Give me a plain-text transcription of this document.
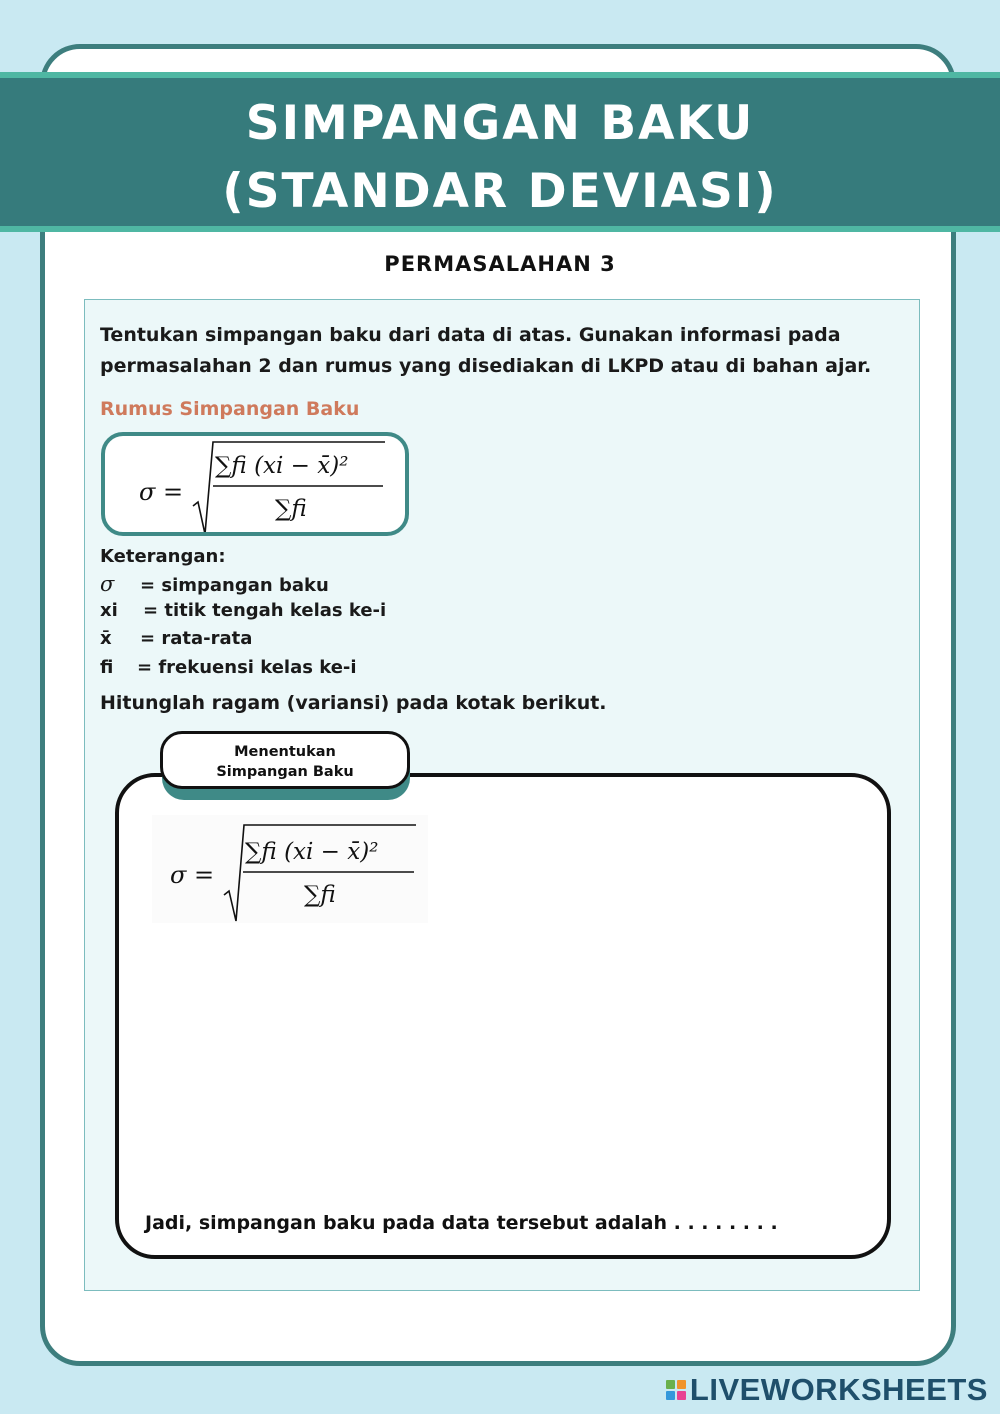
SIMPANGAN BAKU
(STANDAR DEVIASI)
PERMASALAHAN 3
Tentukan simpangan baku dari data di atas. Gunakan informasi pada
permasalahan 2 dan rumus yang disediakan di LKPD atau di bahan ajar.
Rumus Simpangan Baku
σ =
∑fi (xi − x̄)²
∑fi
Keterangan:
σ = simpangan baku
xi = titik tengah kelas ke-i
x̄ = rata-rata
fi = frekuensi kelas ke-i
Hitunglah ragam (variansi) pada kotak berikut.
Menentukan
Simpangan Baku
σ =
∑fi (xi − x̄)²
∑fi
Jadi, simpangan baku pada data tersebut adalah . . . . . . . .
LIVEWORKSHEETS
